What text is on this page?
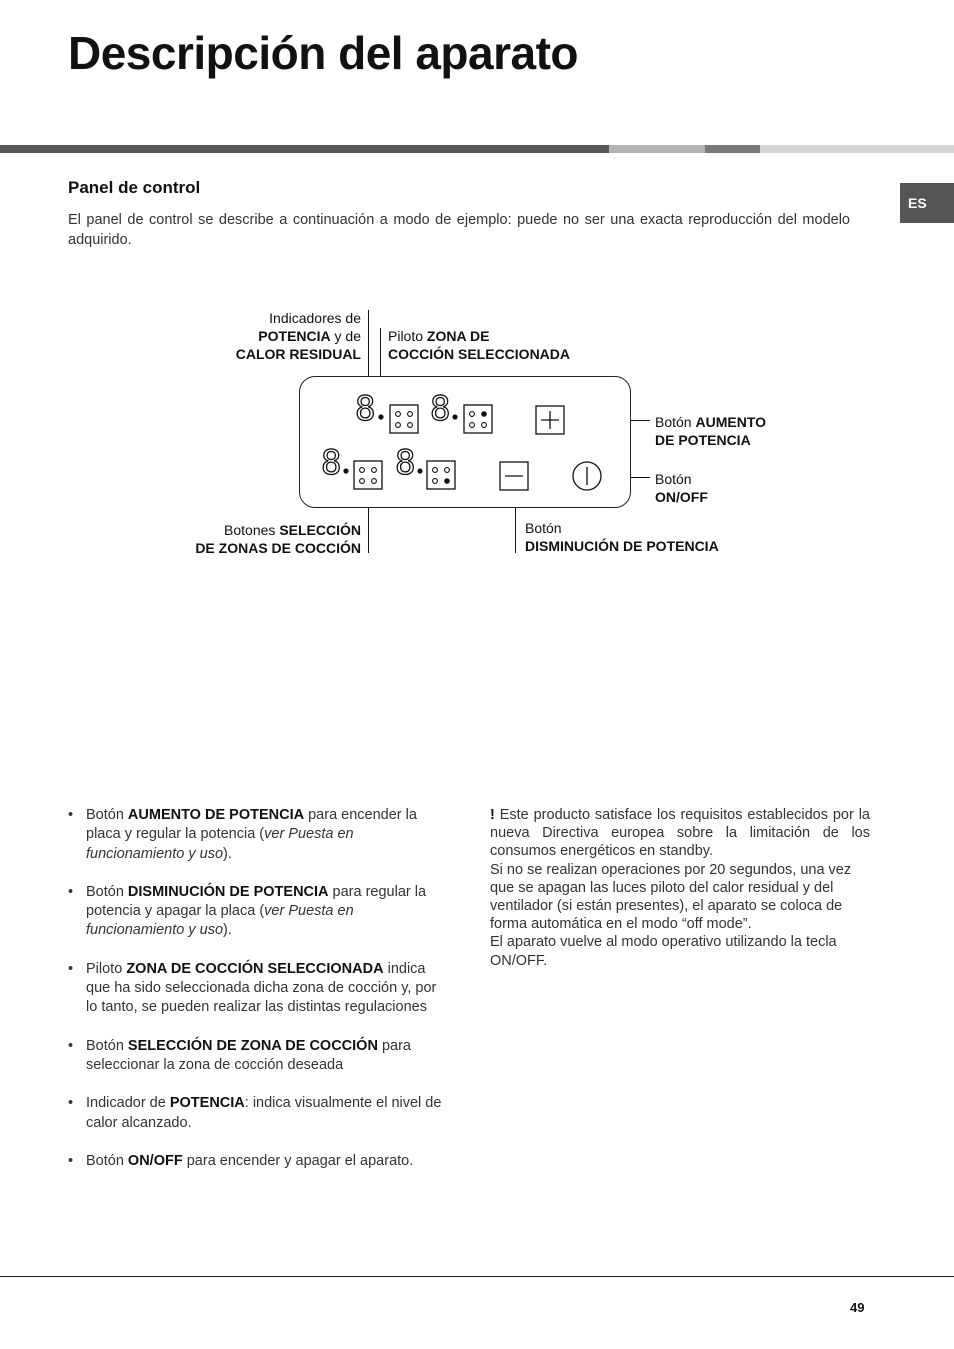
Descripción del aparato
ES
Panel de control

El panel de control se describe a continuación a modo de ejemplo: puede no ser una exacta reproducción del modelo adquirido.

Indicadores de
POTENCIA y de
CALOR RESIDUAL
Piloto ZONA DE
COCCIÓN SELECCIONADA
Botón AUMENTO
DE POTENCIA
Botón
ON/OFF
Botones SELECCIÓN
DE ZONAS DE COCCIÓN
Botón
DISMINUCIÓN DE POTENCIA
8 8
8 8
• Botón AUMENTO DE POTENCIA para encender la placa y regular la potencia (ver Puesta en funcionamiento y uso).
• Botón DISMINUCIÓN DE POTENCIA para regular la potencia y apagar la placa (ver Puesta en funcionamiento y uso).
• Piloto ZONA DE COCCIÓN SELECCIONADA indica que ha sido seleccionada dicha zona de cocción y, por lo tanto, se pueden realizar las distintas regulaciones
• Botón SELECCIÓN DE ZONA DE COCCIÓN para seleccionar la zona de cocción deseada
• Indicador de POTENCIA: indica visualmente el nivel de calor alcanzado.
• Botón ON/OFF para encender y apagar el aparato.
! Este producto satisface los requisitos establecidos por la nueva Directiva europea sobre la limitación de los consumos energéticos en standby.
Si no se realizan operaciones por 20 segundos, una vez que se apagan las luces piloto del calor residual y del ventilador (si están presentes), el aparato se coloca de forma automática en el modo “off mode”.
El aparato vuelve al modo operativo utilizando la tecla ON/OFF.
49
